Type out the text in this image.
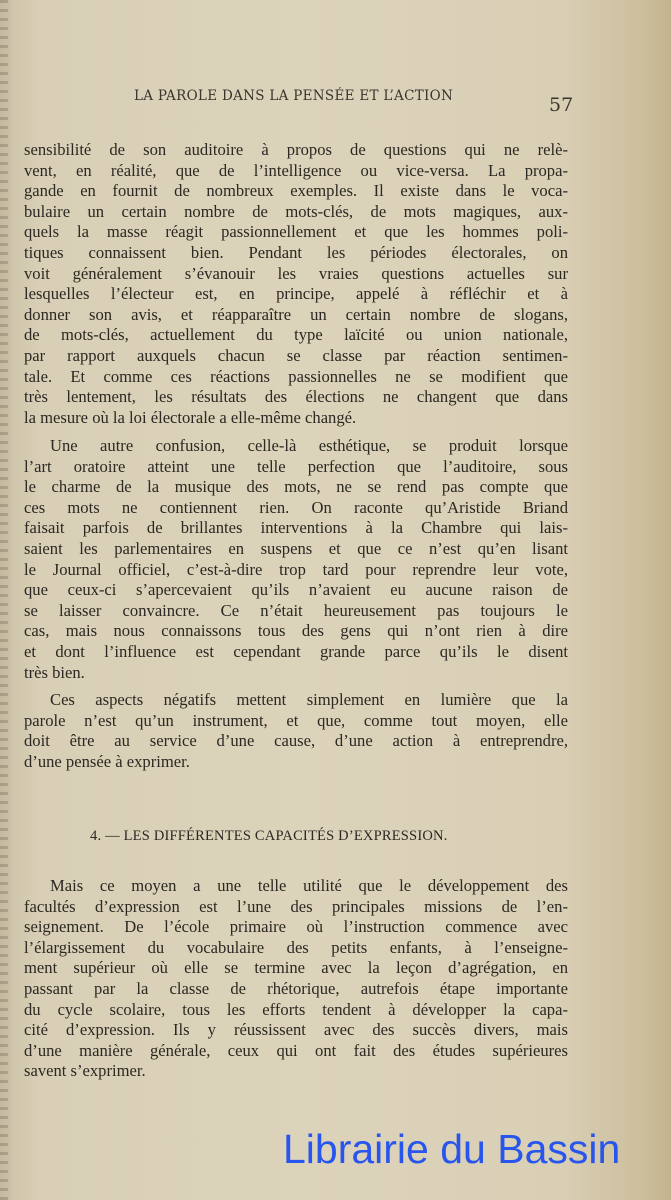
LA PAROLE DANS LA PENSÉE ET L’ACTION	57
sensibilité de son auditoire à propos de questions qui ne relè-
vent, en réalité, que de l’intelligence ou vice-versa. La propa-
gande en fournit de nombreux exemples. Il existe dans le voca-
bulaire un certain nombre de mots-clés, de mots magiques, aux-
quels la masse réagit passionnellement et que les hommes poli-
tiques connaissent bien. Pendant les périodes électorales, on
voit généralement s’évanouir les vraies questions actuelles sur
lesquelles l’électeur est, en principe, appelé à réfléchir et à
donner son avis, et réapparaître un certain nombre de slogans,
de mots-clés, actuellement du type laïcité ou union nationale,
par rapport auxquels chacun se classe par réaction sentimen-
tale. Et comme ces réactions passionnelles ne se modifient que
très lentement, les résultats des élections ne changent que dans
la mesure où la loi électorale a elle-même changé.
Une autre confusion, celle-là esthétique, se produit lorsque
l’art oratoire atteint une telle perfection que l’auditoire, sous
le charme de la musique des mots, ne se rend pas compte que
ces mots ne contiennent rien. On raconte qu’Aristide Briand
faisait parfois de brillantes interventions à la Chambre qui lais-
saient les parlementaires en suspens et que ce n’est qu’en lisant
le Journal officiel, c’est-à-dire trop tard pour reprendre leur vote,
que ceux-ci s’apercevaient qu’ils n’avaient eu aucune raison de
se laisser convaincre. Ce n’était heureusement pas toujours le
cas, mais nous connaissons tous des gens qui n’ont rien à dire
et dont l’influence est cependant grande parce qu’ils le disent
très bien.
Ces aspects négatifs mettent simplement en lumière que la
parole n’est qu’un instrument, et que, comme tout moyen, elle
doit être au service d’une cause, d’une action à entreprendre,
d’une pensée à exprimer.
4. — LES DIFFÉRENTES CAPACITÉS D’EXPRESSION.
Mais ce moyen a une telle utilité que le développement des
facultés d’expression est l’une des principales missions de l’en-
seignement. De l’école primaire où l’instruction commence avec
l’élargissement du vocabulaire des petits enfants, à l’enseigne-
ment supérieur où elle se termine avec la leçon d’agrégation, en
passant par la classe de rhétorique, autrefois étape importante
du cycle scolaire, tous les efforts tendent à développer la capa-
cité d’expression. Ils y réussissent avec des succès divers, mais
d’une manière générale, ceux qui ont fait des études supérieures
savent s’exprimer.
Librairie du Bassin
